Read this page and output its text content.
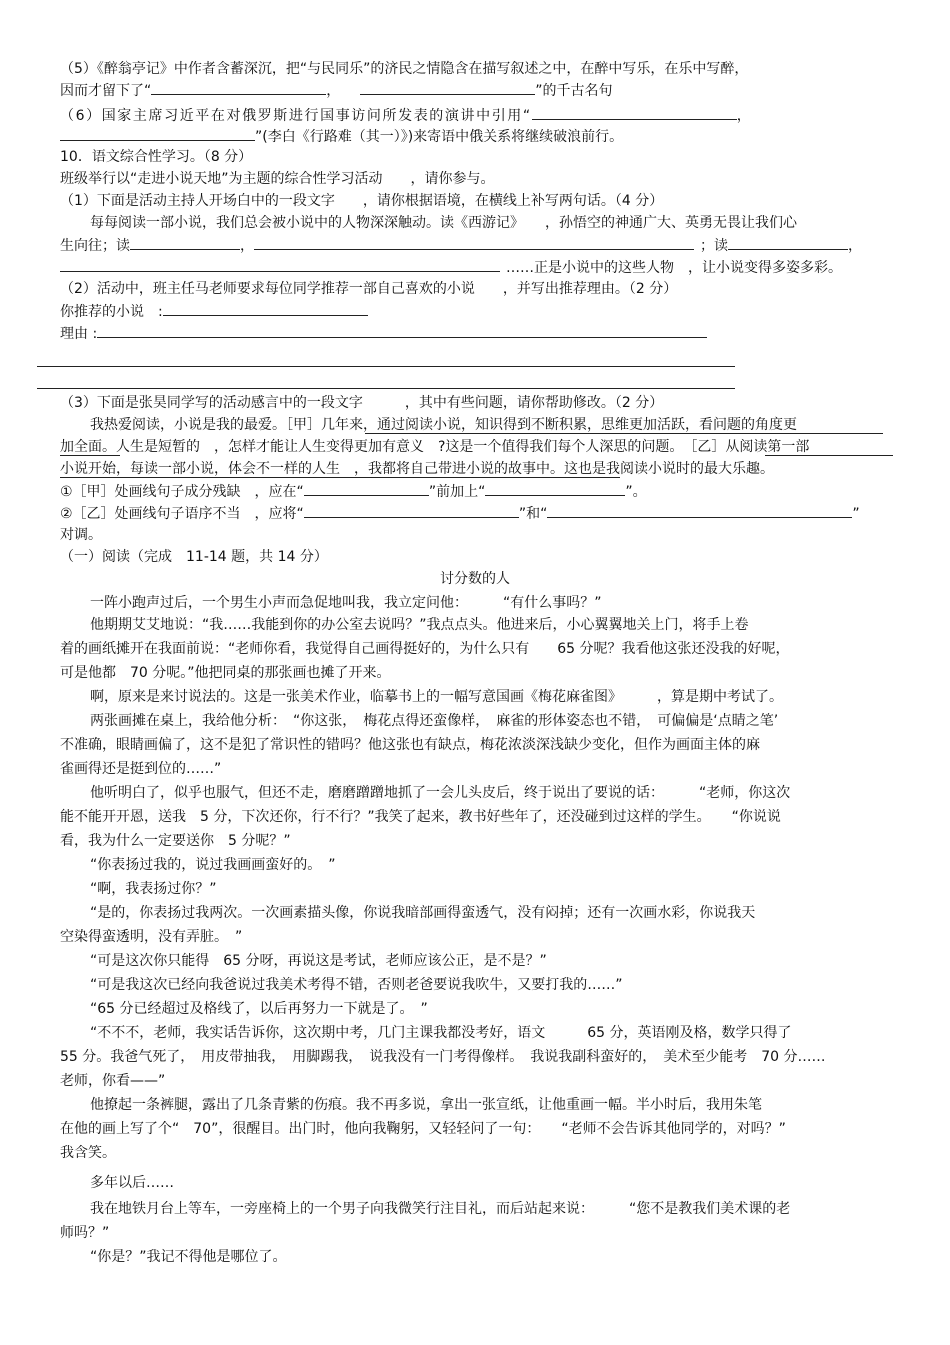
（5）《醉翁亭记》中作者含蓄深沉，把“与民同乐”的济民之情隐含在描写叙述之中，在醉中写乐，在乐中写醉，
因而才留下了“	，	”的千古名句
（6）国家主席习近平在对俄罗斯进行国事访问所发表的演讲中引用“	，
”(李白《行路难（其一）》)来寄语中俄关系将继续破浪前行。
10．语文综合性学习。（8 分）
班级举行以“走进小说天地”为主题的综合性学习活动　　，请你参与。
（1）下面是活动主持人开场白中的一段文字　　，请你根据语境，在横线上补写两句话。（4 分）
每每阅读一部小说，我们总会被小说中的人物深深触动。读《西游记》　　，孙悟空的神通广大、英勇无畏让我们心
生向往；读	，	；读	，
……正是小说中的这些人物　，让小说变得多姿多彩。
（2）活动中，班主任马老师要求每位同学推荐一部自己喜欢的小说　　，并写出推荐理由。（2 分）
你推荐的小说　:
理由 :
（3）下面是张昊同学写的活动感言中的一段文字　　　，其中有些问题，请你帮助修改。（2 分）
我热爱阅读，小说是我的最爱。［甲］几年来，通过阅读小说，知识得到不断积累，思维更加活跃，看问题的角度更
加全面。人生是短暂的　，怎样才能让人生变得更加有意义　?这是一个值得我们每个人深思的问题。　［乙］从阅读第一部
小说开始，每读一部小说，体会不一样的人生　，我都将自己带进小说的故事中。这也是我阅读小说时的最大乐趣。
①［甲］处画线句子成分残缺　，应在“	”前加上“	”。
②［乙］处画线句子语序不当　，应将“	”和“	”
对调。
（一）阅读（完成　11-14 题，共 14 分）
讨分数的人
一阵小跑声过后，一个男生小声而急促地叫我，我立定问他：　　　“有什么事吗？”
他期期艾艾地说：“我……我能到你的办公室去说吗？”我点点头。他进来后，小心翼翼地关上门，将手上卷
着的画纸摊开在我面前说：“老师你看，我觉得自己画得挺好的，为什么只有　　65 分呢？我看他这张还没我的好呢，
可是他都　70 分呢。”他把同桌的那张画也摊了开来。
啊，原来是来讨说法的。这是一张美术作业，临摹书上的一幅写意国画《梅花麻雀图》　　　，算是期中考试了。
两张画摊在桌上，我给他分析：　“你这张，　梅花点得还蛮像样，　麻雀的形体姿态也不错，　可偏偏是‘点睛之笔’
不准确，眼睛画偏了，这不是犯了常识性的错吗？他这张也有缺点，梅花浓淡深浅缺少变化，但作为画面主体的麻
雀画得还是挺到位的……”
他听明白了，似乎也服气，但还不走，磨磨蹭蹭地抓了一会儿头皮后，终于说出了要说的话：　　　“老师，你这次
能不能开开恩，送我　5 分，下次还你，行不行？”我笑了起来，教书好些年了，还没碰到过这样的学生。　　“你说说
看，我为什么一定要送你　5 分呢？”
“你表扬过我的，说过我画画蛮好的。　”
“啊，我表扬过你？”
“是的，你表扬过我两次。一次画素描头像，你说我暗部画得蛮透气，没有闷掉；还有一次画水彩，你说我天
空染得蛮透明，没有弄脏。　”
“可是这次你只能得　65 分呀，再说这是考试，老师应该公正，是不是？”
“可是我这次已经向我爸说过我美术考得不错，否则老爸要说我吹牛，又要打我的……”
“65 分已经超过及格线了，以后再努力一下就是了。　”
“不不不，老师，我实话告诉你，这次期中考，几门主课我都没考好，语文　　　65 分，英语刚及格，数学只得了
55 分。我爸气死了，　用皮带抽我，　用脚踢我，　说我没有一门考得像样。　我说我副科蛮好的，　美术至少能考　70 分……
老师，你看——”
他撩起一条裤腿，露出了几条青紫的伤痕。我不再多说，拿出一张宣纸，让他重画一幅。半小时后，我用朱笔
在他的画上写了个“　70”，很醒目。出门时，他向我鞠躬，又轻轻问了一句：　　“老师不会告诉其他同学的，对吗？”
我含笑。
多年以后……
我在地铁月台上等车，一旁座椅上的一个男子向我微笑行注目礼，而后站起来说：　　　“您不是教我们美术课的老
师吗？”
“你是？”我记不得他是哪位了。
